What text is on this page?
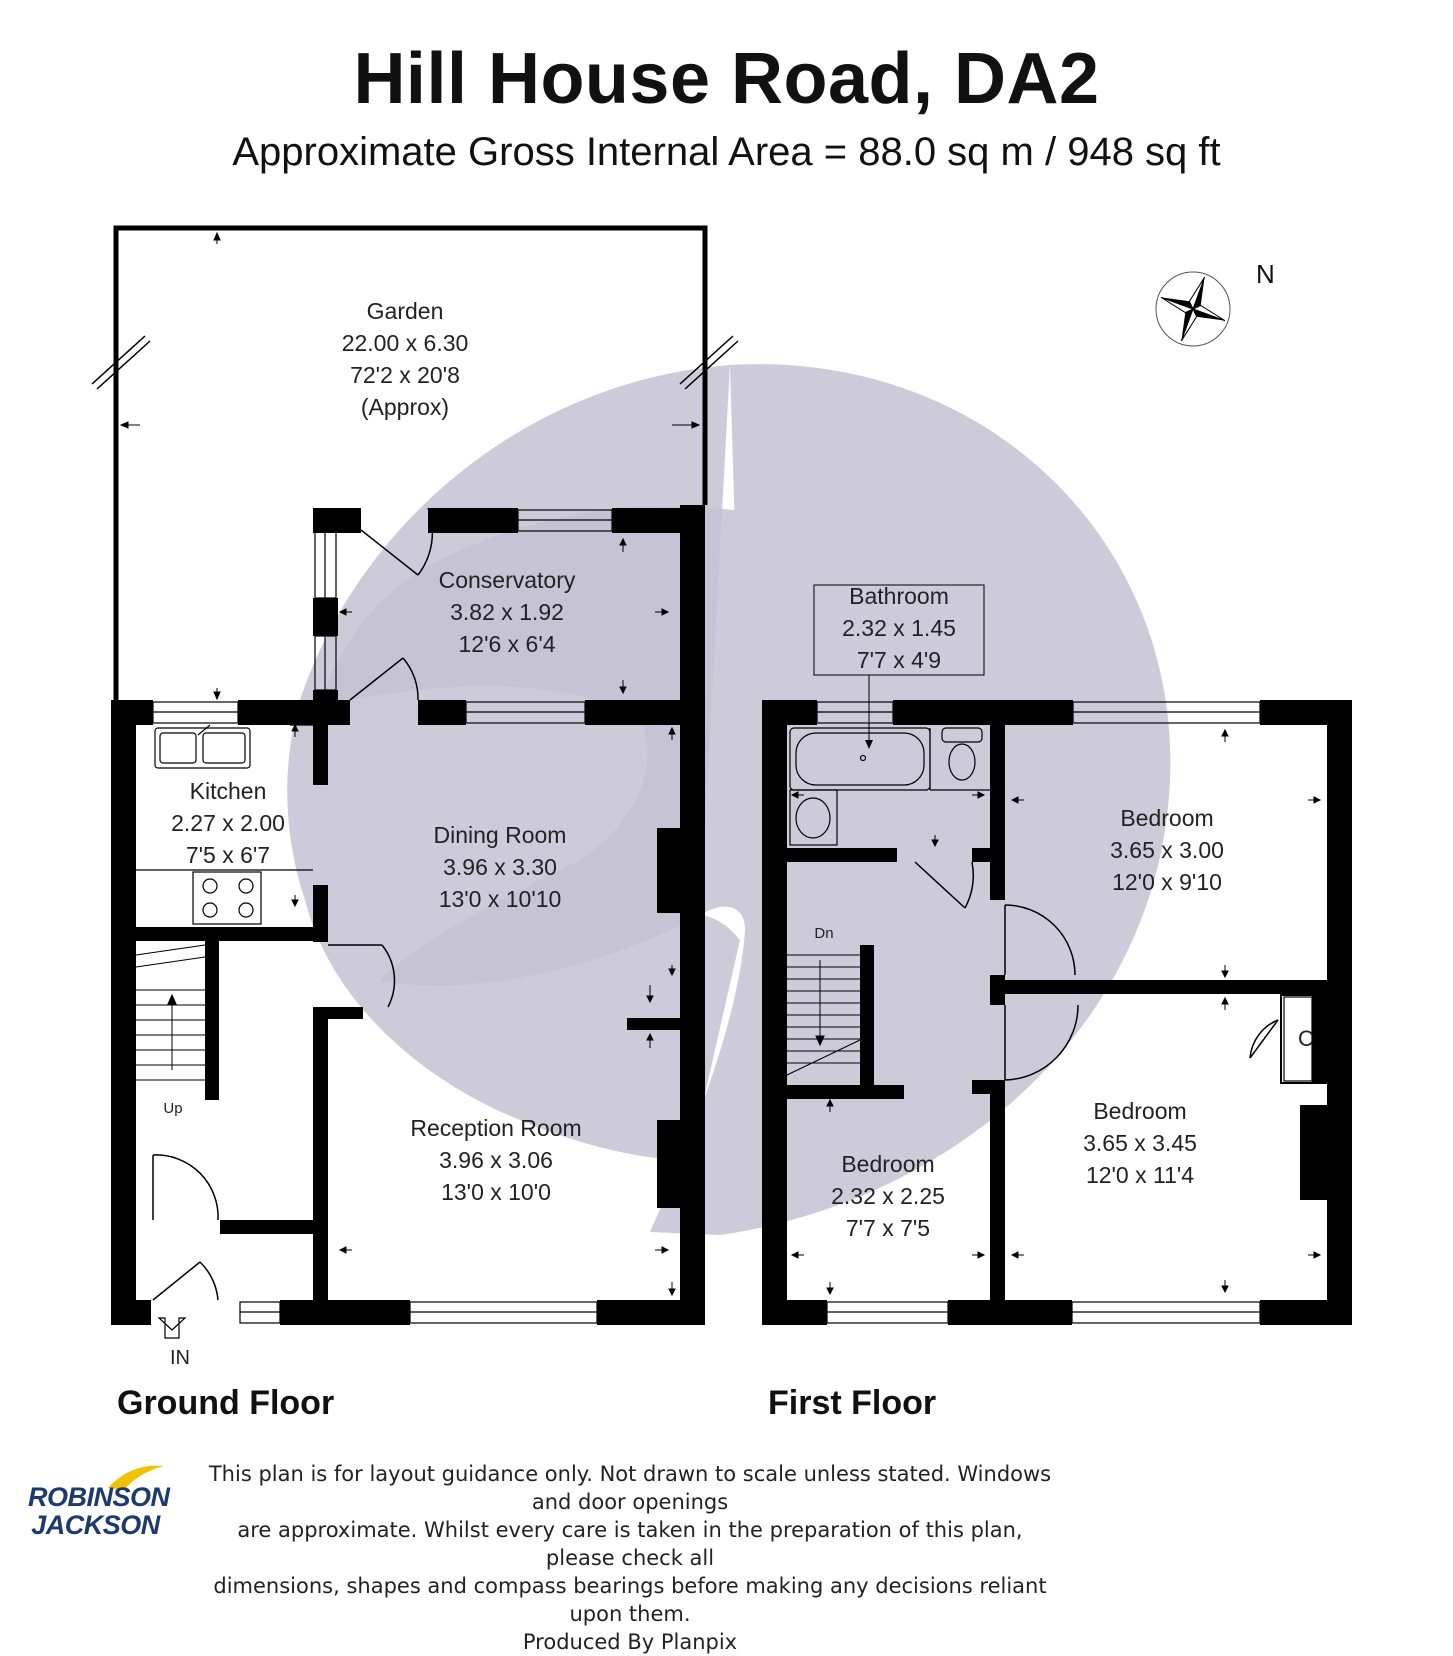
Hill House Road, DA2
Approximate Gross Internal Area = 88.0 sq m / 948 sq ft
Garden
22.00 x 6.30
72'2 x 20'8
(Approx)
Conservatory
3.82 x 1.92
12'6 x 6'4
Kitchen
2.27 x 2.00
7'5 x 6'7
Dining Room
3.96 x 3.30
13'0 x 10'10
Reception Room
3.96 x 3.06
13'0 x 10'0
Up
IN
Bathroom
2.32 x 1.45
7'7 x 4'9
Bedroom
3.65 x 3.00
12'0 x 9'10
Bedroom
3.65 x 3.45
12'0 x 11'4
Bedroom
2.32 x 2.25
7'7 x 7'5
Dn
C
N
Ground Floor	First Floor
ROBINSON
JACKSON
This plan is for layout guidance only. Not drawn to scale unless stated. Windows and door openings
are approximate. Whilst every care is taken in the preparation of this plan, please check all
dimensions, shapes and compass bearings before making any decisions reliant upon them.
Produced By Planpix
